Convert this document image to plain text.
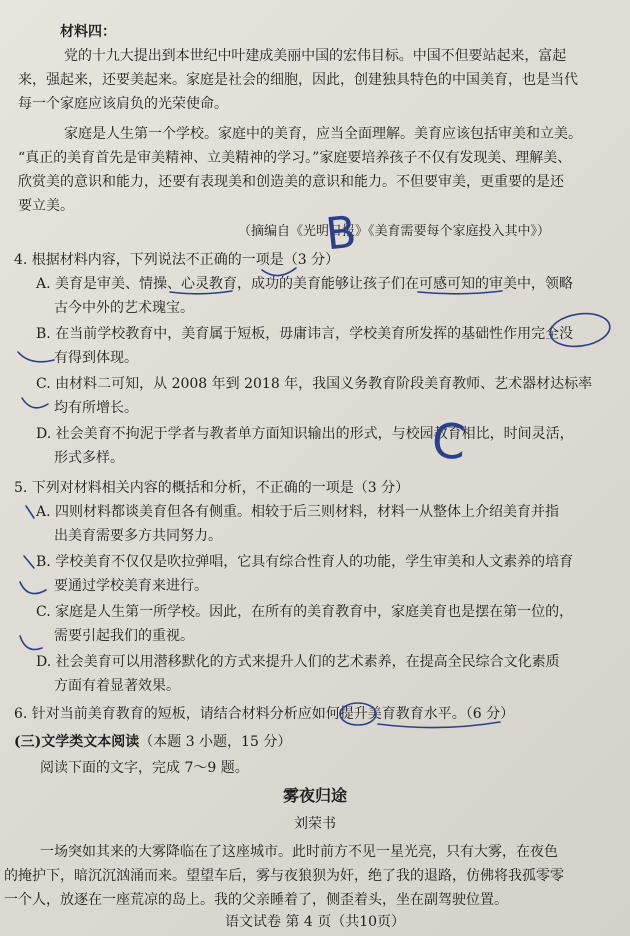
材料四：
党的十九大提出到本世纪中叶建成美丽中国的宏伟目标。中国不但要站起来，富起
来，强起来，还要美起来。家庭是社会的细胞，因此，创建独具特色的中国美育，也是当代
每一个家庭应该肩负的光荣使命。
家庭是人生第一个学校。家庭中的美育，应当全面理解。美育应该包括审美和立美。
“真正的美育首先是审美精神、立美精神的学习。”家庭要培养孩子不仅有发现美、理解美、
欣赏美的意识和能力，还要有表现美和创造美的意识和能力。不但要审美，更重要的是还
要立美。
（摘编自《光明日报》《美育需要每个家庭投入其中》）
4. 根据材料内容，下列说法不正确的一项是（3 分）
A. 美育是审美、情操、心灵教育，成功的美育能够让孩子们在可感可知的审美中，领略
古今中外的艺术瑰宝。
B. 在当前学校教育中，美育属于短板，毋庸讳言，学校美育所发挥的基础性作用完全没
有得到体现。
C. 由材料二可知，从 2008 年到 2018 年，我国义务教育阶段美育教师、艺术器材达标率
均有所增长。
D. 社会美育不拘泥于学者与教者单方面知识输出的形式，与校园教育相比，时间灵活，
形式多样。
5. 下列对材料相关内容的概括和分析，不正确的一项是（3 分）
A. 四则材料都谈美育但各有侧重。相较于后三则材料，材料一从整体上介绍美育并指
出美育需要多方共同努力。
B. 学校美育不仅仅是吹拉弹唱，它具有综合性育人的功能，学生审美和人文素养的培育
要通过学校美育来进行。
C. 家庭是人生第一所学校。因此，在所有的美育教育中，家庭美育也是摆在第一位的，
需要引起我们的重视。
D. 社会美育可以用潜移默化的方式来提升人们的艺术素养，在提高全民综合文化素质
方面有着显著效果。
6. 针对当前美育教育的短板，请结合材料分析应如何提升美育教育水平。（6 分）
(三)文学类文本阅读（本题 3 小题，15 分）
阅读下面的文字，完成 7～9 题。
雾夜归途
刘荣书
一场突如其来的大雾降临在了这座城市。此时前方不见一星光亮，只有大雾，在夜色
的掩护下，暗沉沉汹涌而来。望望车后，雾与夜狼狈为奸，绝了我的退路，仿佛将我孤零零
一个人，放逐在一座荒凉的岛上。我的父亲睡着了，侧歪着头，坐在副驾驶位置。
语文试卷 第 4 页（共10页）
B
C
